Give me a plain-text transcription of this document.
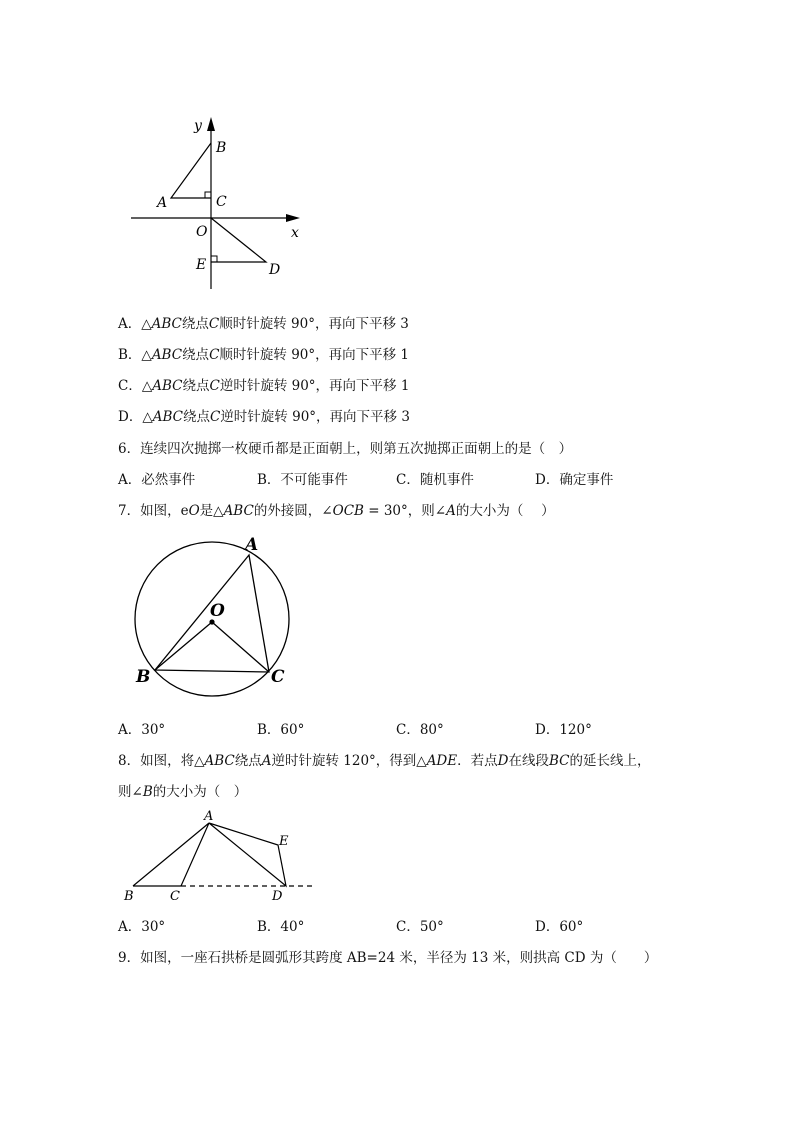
y
x
B
A	C
O
E	D
A．△ABC绕点C顺时针旋转 90°，再向下平移 3
B．△ABC绕点C顺时针旋转 90°，再向下平移 1
C．△ABC绕点C逆时针旋转 90°，再向下平移 1
D．△ABC绕点C逆时针旋转 90°，再向下平移 3
6．连续四次抛掷一枚硬币都是正面朝上，则第五次抛掷正面朝上的是（　）
A．必然事件	B．不可能事件	C．随机事件	D．确定事件
7．如图，eO是△ABC的外接圆，∠OCB = 30°，则∠A的大小为（　 ）
A
O
B	C
A．30°	B．60°	C．80°	D．120°
8．如图，将△ABC绕点A逆时针旋转 120°，得到△ADE．若点D在线段BC的延长线上，
则∠B的大小为（　）
A
E
B	C	D
A．30°	B．40°	C．50°	D．60°
9．如图，一座石拱桥是圆弧形其跨度 AB=24 米，半径为 13 米，则拱高 CD 为（　　）
